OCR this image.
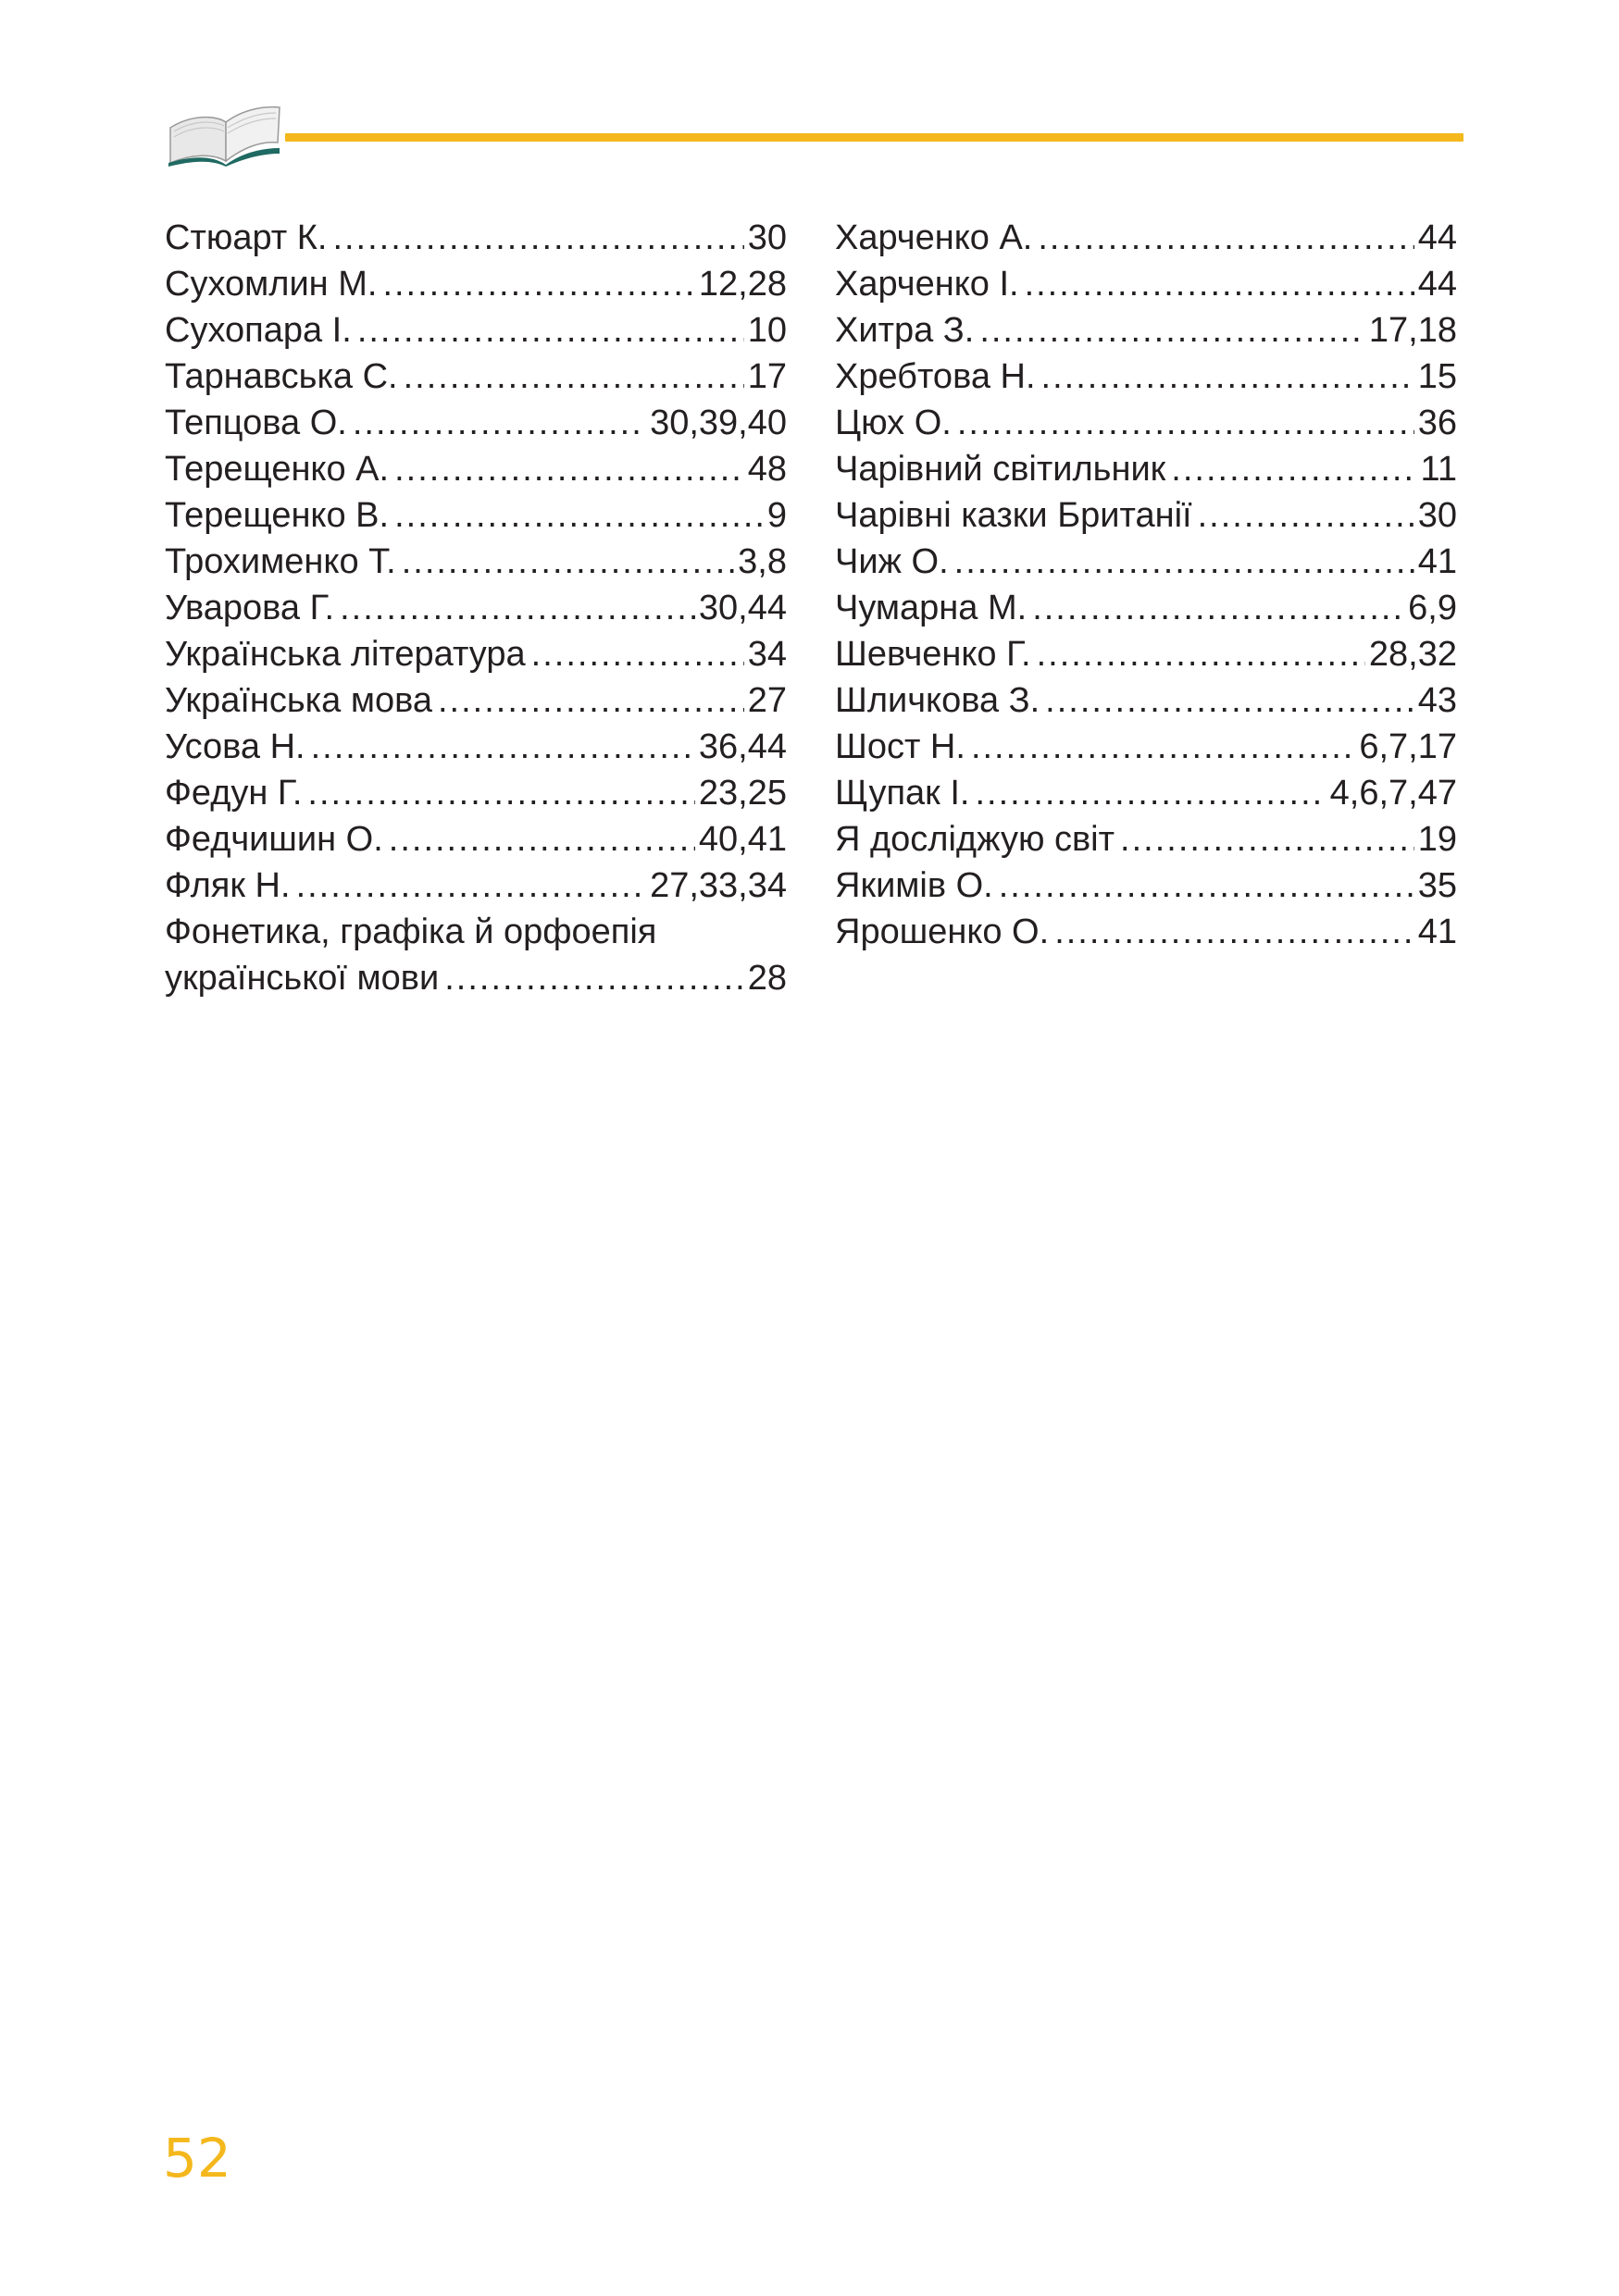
Стюарт К. .....	30
Сухомлин М. .....	12,28
Сухопара І. .....	10
Тарнавська С. .....	17
Тепцова О. .....	30,39,40
Терещенко А. .....	48
Терещенко В. .....	9
Трохименко Т. .....	3,8
Уварова Г. .....	30,44
Українська література .....	34
Українська мова .....	27
Усова Н. .....	36,44
Федун Г. .....	23,25
Федчишин О. .....	40,41
Фляк Н. .....	27,33,34
Фонетика, графіка й орфоепія
української мови .....	28
Харченко А. .....	44
Харченко І. .....	44
Хитра З. .....	17,18
Хребтова Н. .....	15
Цюх О. .....	36
Чарівний світильник .....	11
Чарівні казки Британії .....	30
Чиж О. .....	41
Чумарна М. .....	6,9
Шевченко Г. .....	28,32
Шличкова З. .....	43
Шост Н. .....	6,7,17
Щупак І. .....	4,6,7,47
Я досліджую світ .....	19
Якимів О. .....	35
Ярошенко О. .....	41
52
